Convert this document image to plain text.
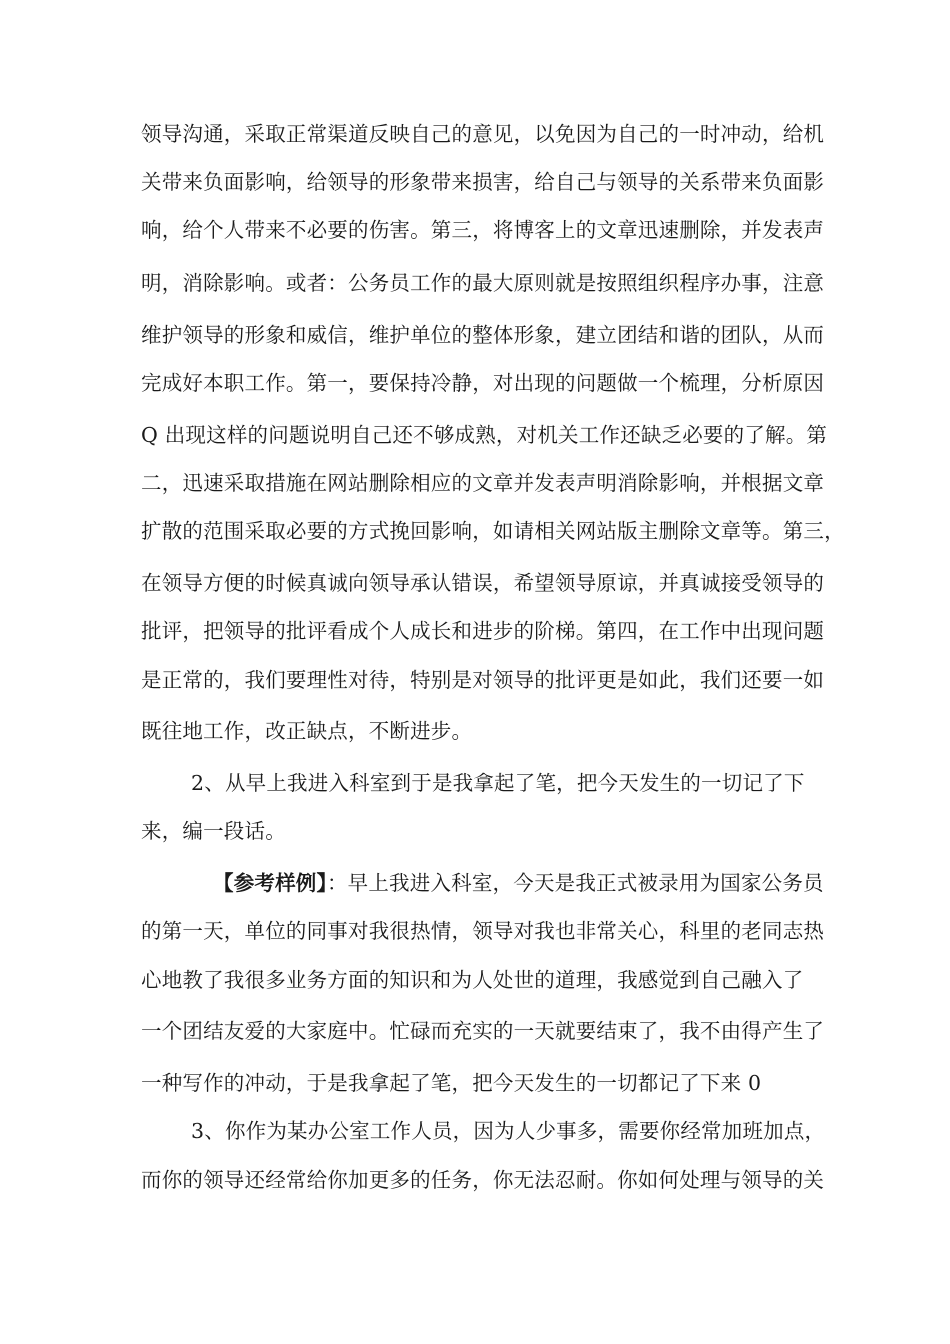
领导沟通，采取正常渠道反映自己的意见，以免因为自己的一时冲动，给机
关带来负面影响，给领导的形象带来损害，给自己与领导的关系带来负面影
响，给个人带来不必要的伤害。第三，将博客上的文章迅速删除，并发表声
明，消除影响。或者：公务员工作的最大原则就是按照组织程序办事，注意
维护领导的形象和威信，维护单位的整体形象，建立团结和谐的团队，从而
完成好本职工作。第一，要保持冷静，对出现的问题做一个梳理，分析原因
Q 出现这样的问题说明自己还不够成熟，对机关工作还缺乏必要的了解。第
二，迅速采取措施在网站删除相应的文章并发表声明消除影响，并根据文章
扩散的范围采取必要的方式挽回影响，如请相关网站版主删除文章等。第三，
在领导方便的时候真诚向领导承认错误，希望领导原谅，并真诚接受领导的
批评，把领导的批评看成个人成长和进步的阶梯。第四，在工作中出现问题
是正常的，我们要理性对待，特别是对领导的批评更是如此，我们还要一如
既往地工作，改正缺点，不断进步。
2、从早上我进入科室到于是我拿起了笔，把今天发生的一切记了下
来，编一段话。
【参考样例】：早上我进入科室，今天是我正式被录用为国家公务员
的第一天，单位的同事对我很热情，领导对我也非常关心，科里的老同志热
心地教了我很多业务方面的知识和为人处世的道理，我感觉到自己融入了
一个团结友爱的大家庭中。忙碌而充实的一天就要结束了，我不由得产生了
一种写作的冲动，于是我拿起了笔，把今天发生的一切都记了下来 0
3、你作为某办公室工作人员，因为人少事多，需要你经常加班加点，
而你的领导还经常给你加更多的任务，你无法忍耐。你如何处理与领导的关
